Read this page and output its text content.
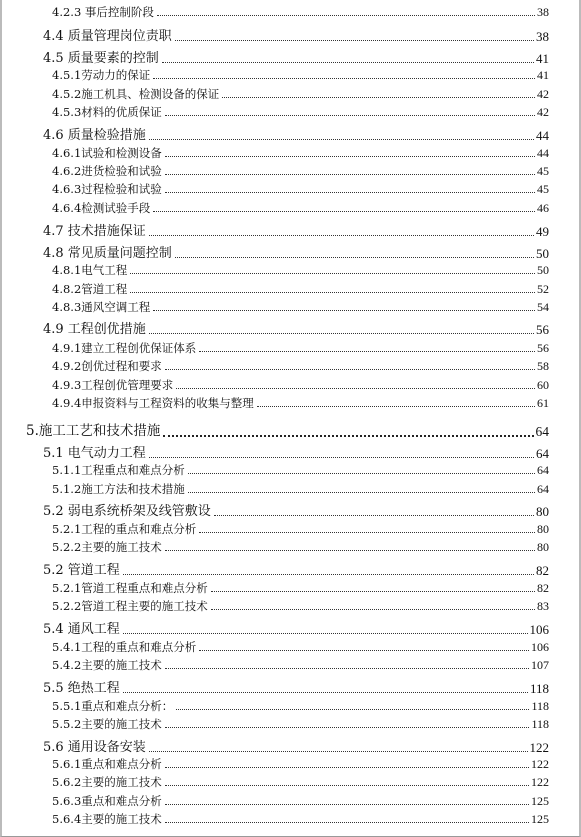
4.2.3 事后控制阶段	38
4.4 质量管理岗位责职	38
4.5 质量要素的控制	41
4.5.1劳动力的保证	41
4.5.2施工机具、检测设备的保证	42
4.5.3材料的优质保证	42
4.6 质量检验措施	44
4.6.1试验和检测设备	44
4.6.2进货检验和试验	45
4.6.3过程检验和试验	45
4.6.4检测试验手段	46
4.7 技术措施保证	49
4.8 常见质量问题控制	50
4.8.1电气工程	50
4.8.2管道工程	52
4.8.3通风空调工程	54
4.9 工程创优措施	56
4.9.1建立工程创优保证体系	56
4.9.2创优过程和要求	58
4.9.3工程创优管理要求	60
4.9.4申报资料与工程资料的收集与整理	61
5.施工工艺和技术措施	64
5.1 电气动力工程	64
5.1.1工程重点和难点分析	64
5.1.2施工方法和技术措施	64
5.2 弱电系统桥架及线管敷设	80
5.2.1工程的重点和难点分析	80
5.2.2主要的施工技术	80
5.2 管道工程	82
5.2.1管道工程重点和难点分析	82
5.2.2管道工程主要的施工技术	83
5.4 通风工程	106
5.4.1工程的重点和难点分析	106
5.4.2主要的施工技术	107
5.5 绝热工程	118
5.5.1重点和难点分析：	118
5.5.2主要的施工技术	118
5.6 通用设备安装	122
5.6.1重点和难点分析	122
5.6.2主要的施工技术	122
5.6.3重点和难点分析	125
5.6.4主要的施工技术	125
